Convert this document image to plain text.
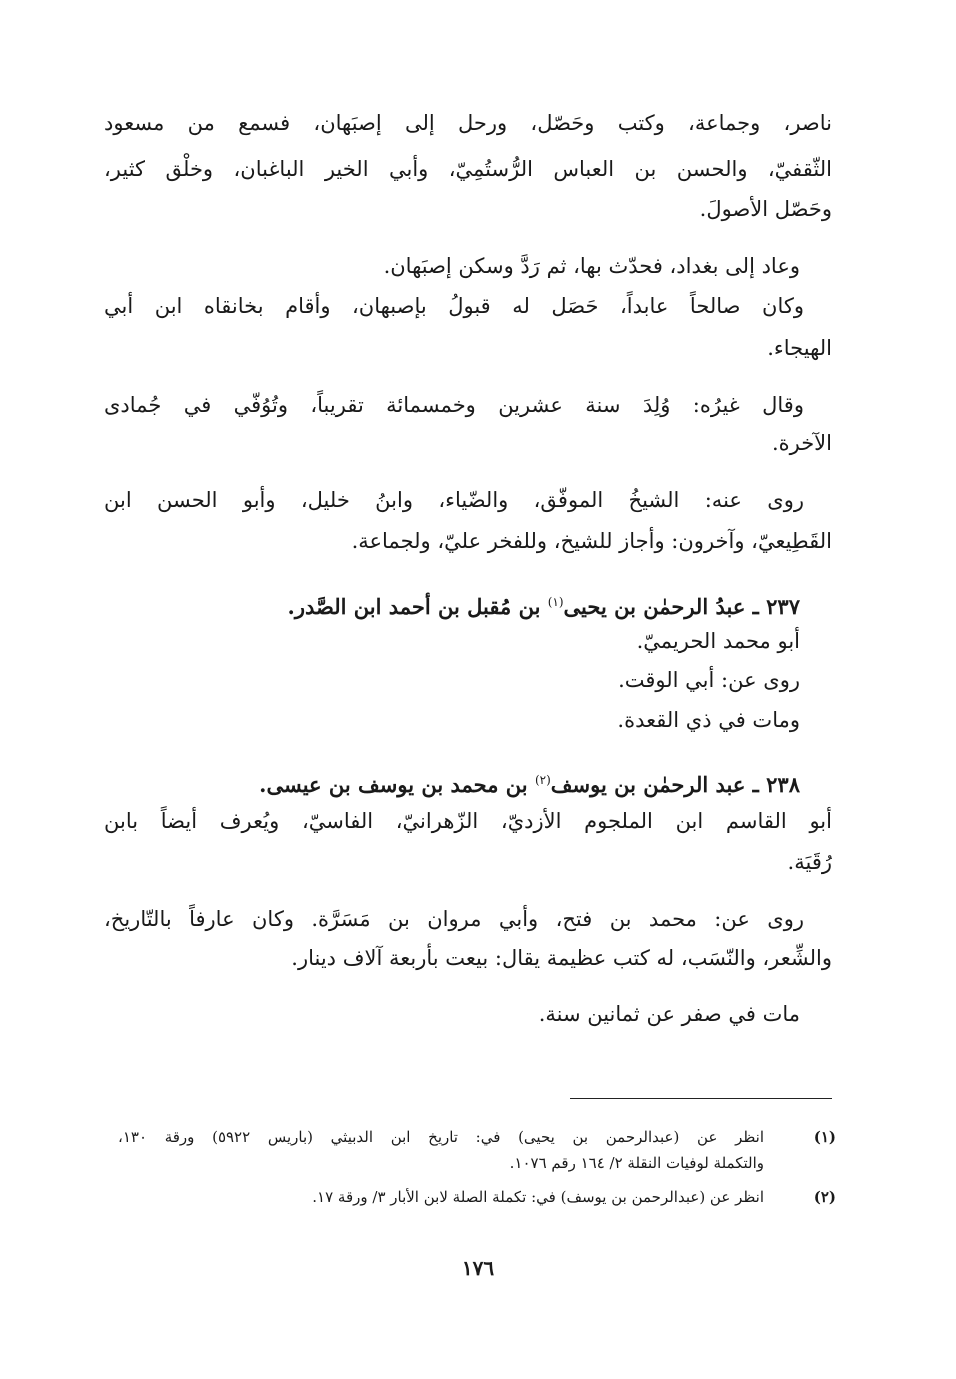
ناصر، وجماعة، وكتب وحَصّل، ورحل إلى إصبَهان، فسمع من مسعود
الثّقفيّ، والحسن بن العباس الرُّستُمِيّ، وأبي الخير الباغبان، وخلْق كثير،
وحَصّل الأصولَ.
وعاد إلى بغداد، فحدّث بها، ثم رَدَّ وسكن إصبَهان.
وكان صالحاً عابداً، حَصَل له قبولُ بإصبهان، وأقام بخانقاه ابن أبي
الهيجاء.
وقال غيرُه: وُلِدَ سنة عشرين وخمسمائة تقريباً، وتُوُفّي في جُمادى
الآخرة.
روى عنه: الشيخُ الموفّق، والضّياء، وابنُ خليل، وأبو الحسن ابن
القَطِيعيّ، وآخرون: وأجاز للشيخ، وللفخر عليّ، ولجماعة.
٢٣٧ ـ عبدُ الرحمٰن بن يحيى$^{(١)}$ بن مُقبل بن أحمد ابن الصَّدر.
أبو محمد الحريميّ.
روى عن: أبي الوقت.
ومات في ذي القعدة.
٢٣٨ ـ عبد الرحمٰن بن يوسف$^{(٢)}$ بن محمد بن يوسف بن عيسى.
أبو القاسم ابن الملجوم الأزديّ، الزّهرانيّ، الفاسيّ، ويُعرف أيضاً بابن
رُقَيَة.
روى عن: محمد بن فتح، وأبي مروان بن مَسَرَّة. وكان عارفاً بالتّاريخ،
والشِّعر، والنّسَب، له كتب عظيمة يقال: بيعت بأربعة آلاف دينار.
مات في صفر عن ثمانين سنة.
(١)
انظر عن (عبدالرحمن بن يحيى) في: تاريخ ابن الدبيثي (باريس ٥٩٢٢) ورقة ١٣٠،
والتكملة لوفيات النقلة ٢/ ١٦٤ رقم ١٠٧٦.
(٢)
انظر عن (عبدالرحمن بن يوسف) في: تكملة الصلة لابن الأبار ٣/ ورقة ١٧.
١٧٦
